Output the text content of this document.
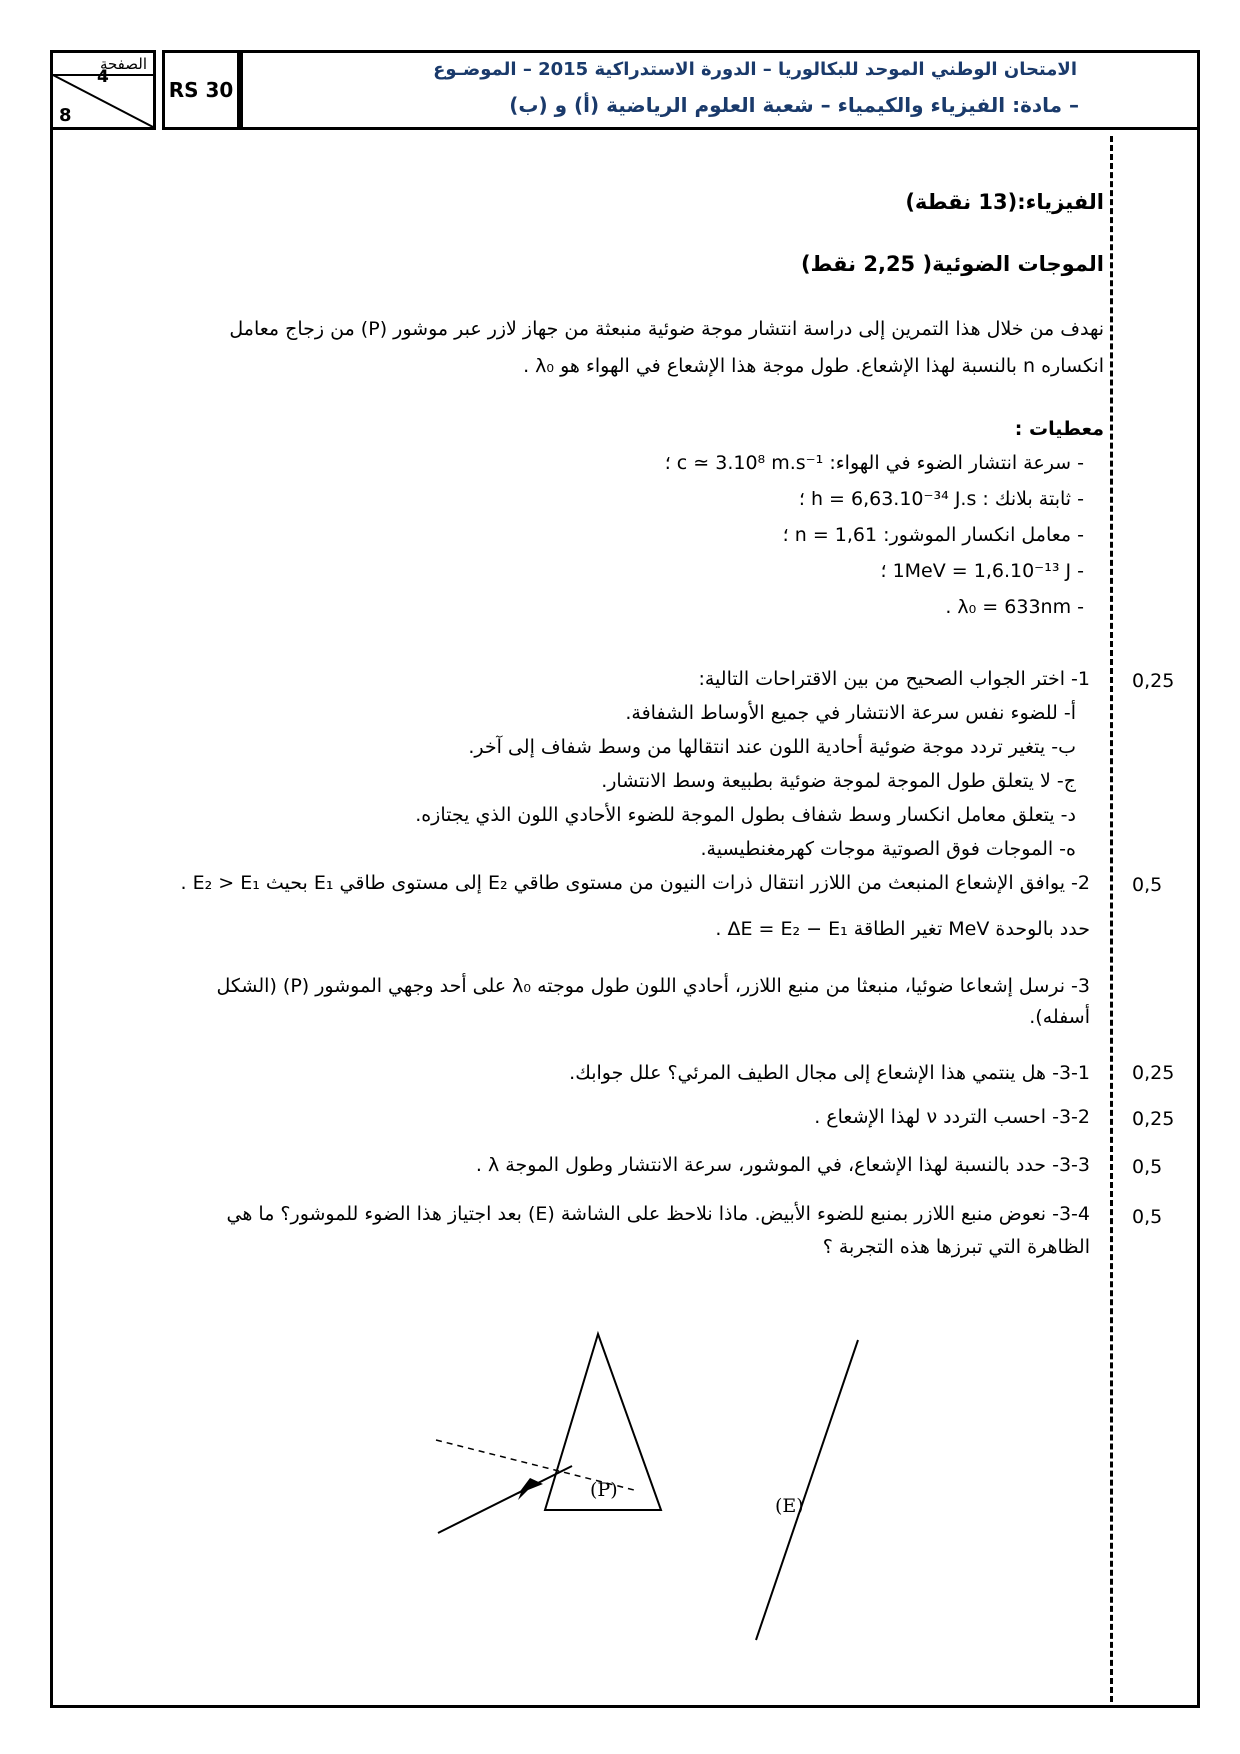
الصفحة
4
8
RS 30
الامتحان الوطني الموحد للبكالوريا – الدورة الاستدراكية 2015 – الموضـوع
– مادة: الفيزياء والكيمياء – شعبة العلوم الرياضية (أ) و (ب)
الفيزياء:(13 نقطة)
الموجات الضوئية( 2,25 نقط)
نهدف من خلال هذا التمرين إلى دراسة انتشار موجة ضوئية منبعثة من جهاز لازر عبر موشور (P) من زجاج معامل
انكساره n بالنسبة لهذا الإشعاع. طول موجة هذا الإشعاع في الهواء هو λ₀ .
معطيات :
- سرعة انتشار الضوء في الهواء: c ≃ 3.10⁸ m.s⁻¹ ؛
- ثابتة بلانك : h = 6,63.10⁻³⁴ J.s ؛
- معامل انكسار الموشور: n = 1,61 ؛
- 1MeV = 1,6.10⁻¹³ J ؛
- λ₀ = 633nm .
0,25
1- اختر الجواب الصحيح من بين الاقتراحات التالية:
أ- للضوء نفس سرعة الانتشار في جميع الأوساط الشفافة.
ب- يتغير تردد موجة ضوئية أحادية اللون عند انتقالها من وسط شفاف إلى آخر.
ج- لا يتعلق طول الموجة لموجة ضوئية بطبيعة وسط الانتشار.
د- يتعلق معامل انكسار وسط شفاف بطول الموجة للضوء الأحادي اللون الذي يجتازه.
ه- الموجات فوق الصوتية موجات كهرمغنطيسية.
0,5
2- يوافق الإشعاع المنبعث من اللازر انتقال ذرات النيون من مستوى طاقي E₂ إلى مستوى طاقي E₁ بحيث E₂ > E₁ .
حدد بالوحدة MeV تغير الطاقة ΔE = E₂ − E₁ .
3- نرسل إشعاعا ضوئيا، منبعثا من منبع اللازر، أحادي اللون طول موجته λ₀ على أحد وجهي الموشور (P) (الشكل
أسفله).
0,25
3-1- هل ينتمي هذا الإشعاع إلى مجال الطيف المرئي؟ علل جوابك.
0,25
3-2- احسب التردد ν لهذا الإشعاع .
0,5
3-3- حدد بالنسبة لهذا الإشعاع، في الموشور، سرعة الانتشار وطول الموجة λ .
0,5
3-4- نعوض منبع اللازر بمنبع للضوء الأبيض. ماذا نلاحظ على الشاشة (E) بعد اجتياز هذا الضوء للموشور؟ ما هي
الظاهرة التي تبرزها هذه التجربة ؟
(P)
(E)
